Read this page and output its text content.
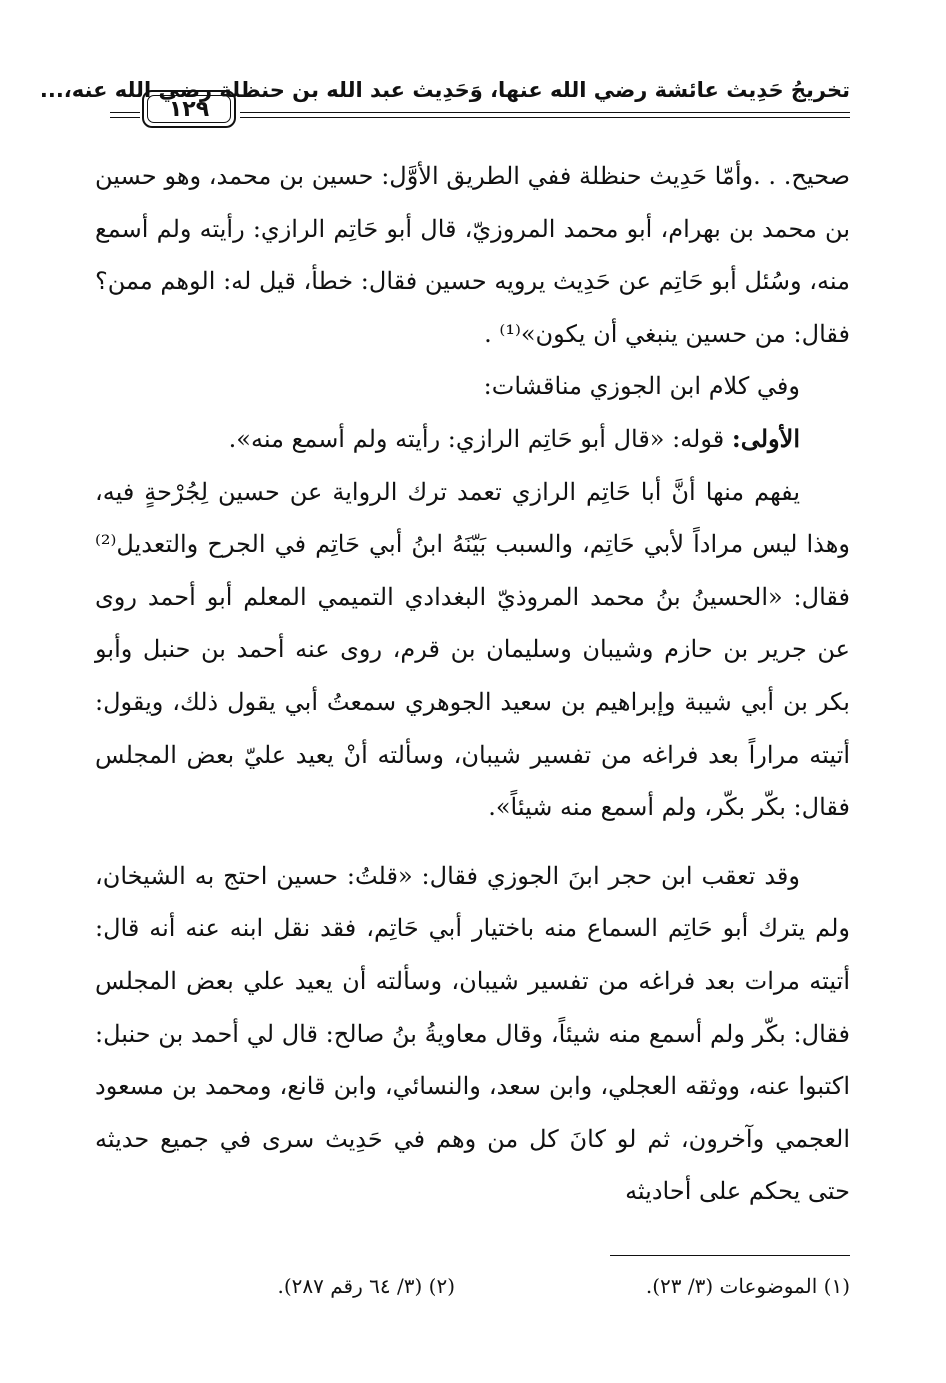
تخريجُ حَدِيث عائشة رضي الله عنها، وَحَدِيث عبد الله بن حنظلة رضي الله عنه،...
١٢٩

صحيح. . .وأمّا حَدِيث حنظلة ففي الطريق الأوَّل: حسين بن محمد، وهو حسين بن محمد بن بهرام، أبو محمد المروزيّ، قال أبو حَاتِم الرازي: رأيته ولم أسمع منه، وسُئل أبو حَاتِم عن حَدِيث يرويه حسين فقال: خطأ، قيل له: الوهم ممن؟ فقال: من حسين ينبغي أن يكون»⁽¹⁾ .

وفي كلام ابن الجوزي مناقشات:

الأولى: قوله: «قال أبو حَاتِم الرازي: رأيته ولم أسمع منه».

يفهم منها أنَّ أبا حَاتِم الرازي تعمد ترك الرواية عن حسين لِجُرْحةٍ فيه، وهذا ليس مراداً لأبي حَاتِم، والسبب بَيّنَهُ ابنُ أبي حَاتِم في الجرح والتعديل⁽²⁾ فقال: «الحسينُ بنُ محمد المروذيّ البغدادي التميمي المعلم أبو أحمد روى عن جرير بن حازم وشيبان وسليمان بن قرم، روى عنه أحمد بن حنبل وأبو بكر بن أبي شيبة وإبراهيم بن سعيد الجوهري سمعتُ أبي يقول ذلك، ويقول: أتيته مراراً بعد فراغه من تفسير شيبان، وسألته أنْ يعيد عليّ بعض المجلس فقال: بكّر بكّر، ولم أسمع منه شيئاً».

وقد تعقب ابن حجر ابنَ الجوزي فقال: «قلتُ: حسين احتج به الشيخان، ولم يترك أبو حَاتِم السماع منه باختيار أبي حَاتِم، فقد نقل ابنه عنه أنه قال: أتيته مرات بعد فراغه من تفسير شيبان، وسألته أن يعيد علي بعض المجلس فقال: بكّر ولم أسمع منه شيئاً، وقال معاويةُ بنُ صالح: قال لي أحمد بن حنبل: اكتبوا عنه، ووثقه العجلي، وابن سعد، والنسائي، وابن قانع، ومحمد بن مسعود العجمي وآخرون، ثم لو كانَ كل من وهم في حَدِيث سرى في جميع حديثه حتى يحكم على أحاديثه

(١) الموضوعات (٣/ ٢٣).
(٢) (٣/ ٦٤ رقم ٢٨٧).
